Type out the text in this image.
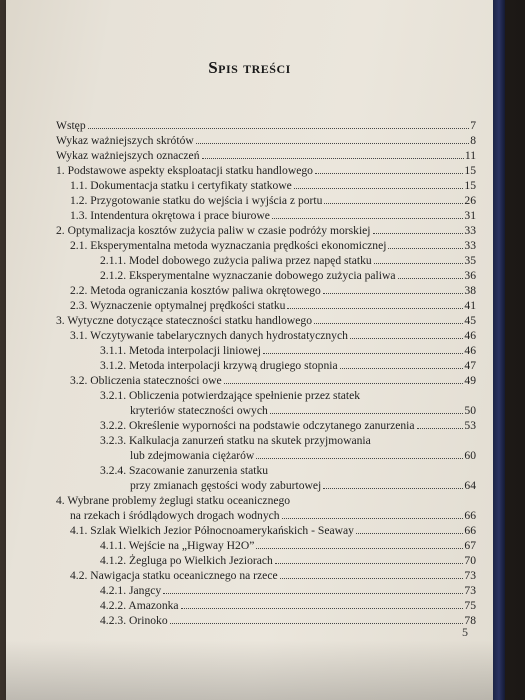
Spis treści
Wstęp	7
Wykaz ważniejszych skrótów	8
Wykaz ważniejszych oznaczeń	11
1. Podstawowe aspekty eksploatacji statku handlowego	15
1.1. Dokumentacja statku i certyfikaty statkowe	15
1.2. Przygotowanie statku do wejścia i wyjścia z portu	26
1.3. Intendentura okrętowa i prace biurowe	31
2. Optymalizacja kosztów zużycia paliw w czasie podróży morskiej	33
2.1. Eksperymentalna metoda wyznaczania prędkości ekonomicznej	33
2.1.1. Model dobowego zużycia paliwa przez napęd statku	35
2.1.2. Eksperymentalne wyznaczanie dobowego zużycia paliwa	36
2.2. Metoda ograniczania kosztów paliwa okrętowego	38
2.3. Wyznaczenie optymalnej prędkości statku	41
3. Wytyczne dotyczące stateczności statku handlowego	45
3.1. Wczytywanie tabelarycznych danych hydrostatycznych	46
3.1.1. Metoda interpolacji liniowej	46
3.1.2. Metoda interpolacji krzywą drugiego stopnia	47
3.2. Obliczenia stateczności owe	49
3.2.1. Obliczenia potwierdzające spełnienie przez statek
kryteriów stateczności owych	50
3.2.2. Określenie wyporności na podstawie odczytanego zanurzenia	53
3.2.3. Kalkulacja zanurzeń statku na skutek przyjmowania
lub zdejmowania ciężarów	60
3.2.4. Szacowanie zanurzenia statku
przy zmianach gęstości wody zaburtowej	64
4. Wybrane problemy żeglugi statku oceanicznego
na rzekach i śródlądowych drogach wodnych	66
4.1. Szlak Wielkich Jezior Północnoamerykańskich - Seaway	66
4.1.1. Wejście na „Higway H2O”	67
4.1.2. Żegluga po Wielkich Jeziorach	70
4.2. Nawigacja statku oceanicznego na rzece	73
4.2.1. Jangcy	73
4.2.2. Amazonka	75
4.2.3. Orinoko	78
5
